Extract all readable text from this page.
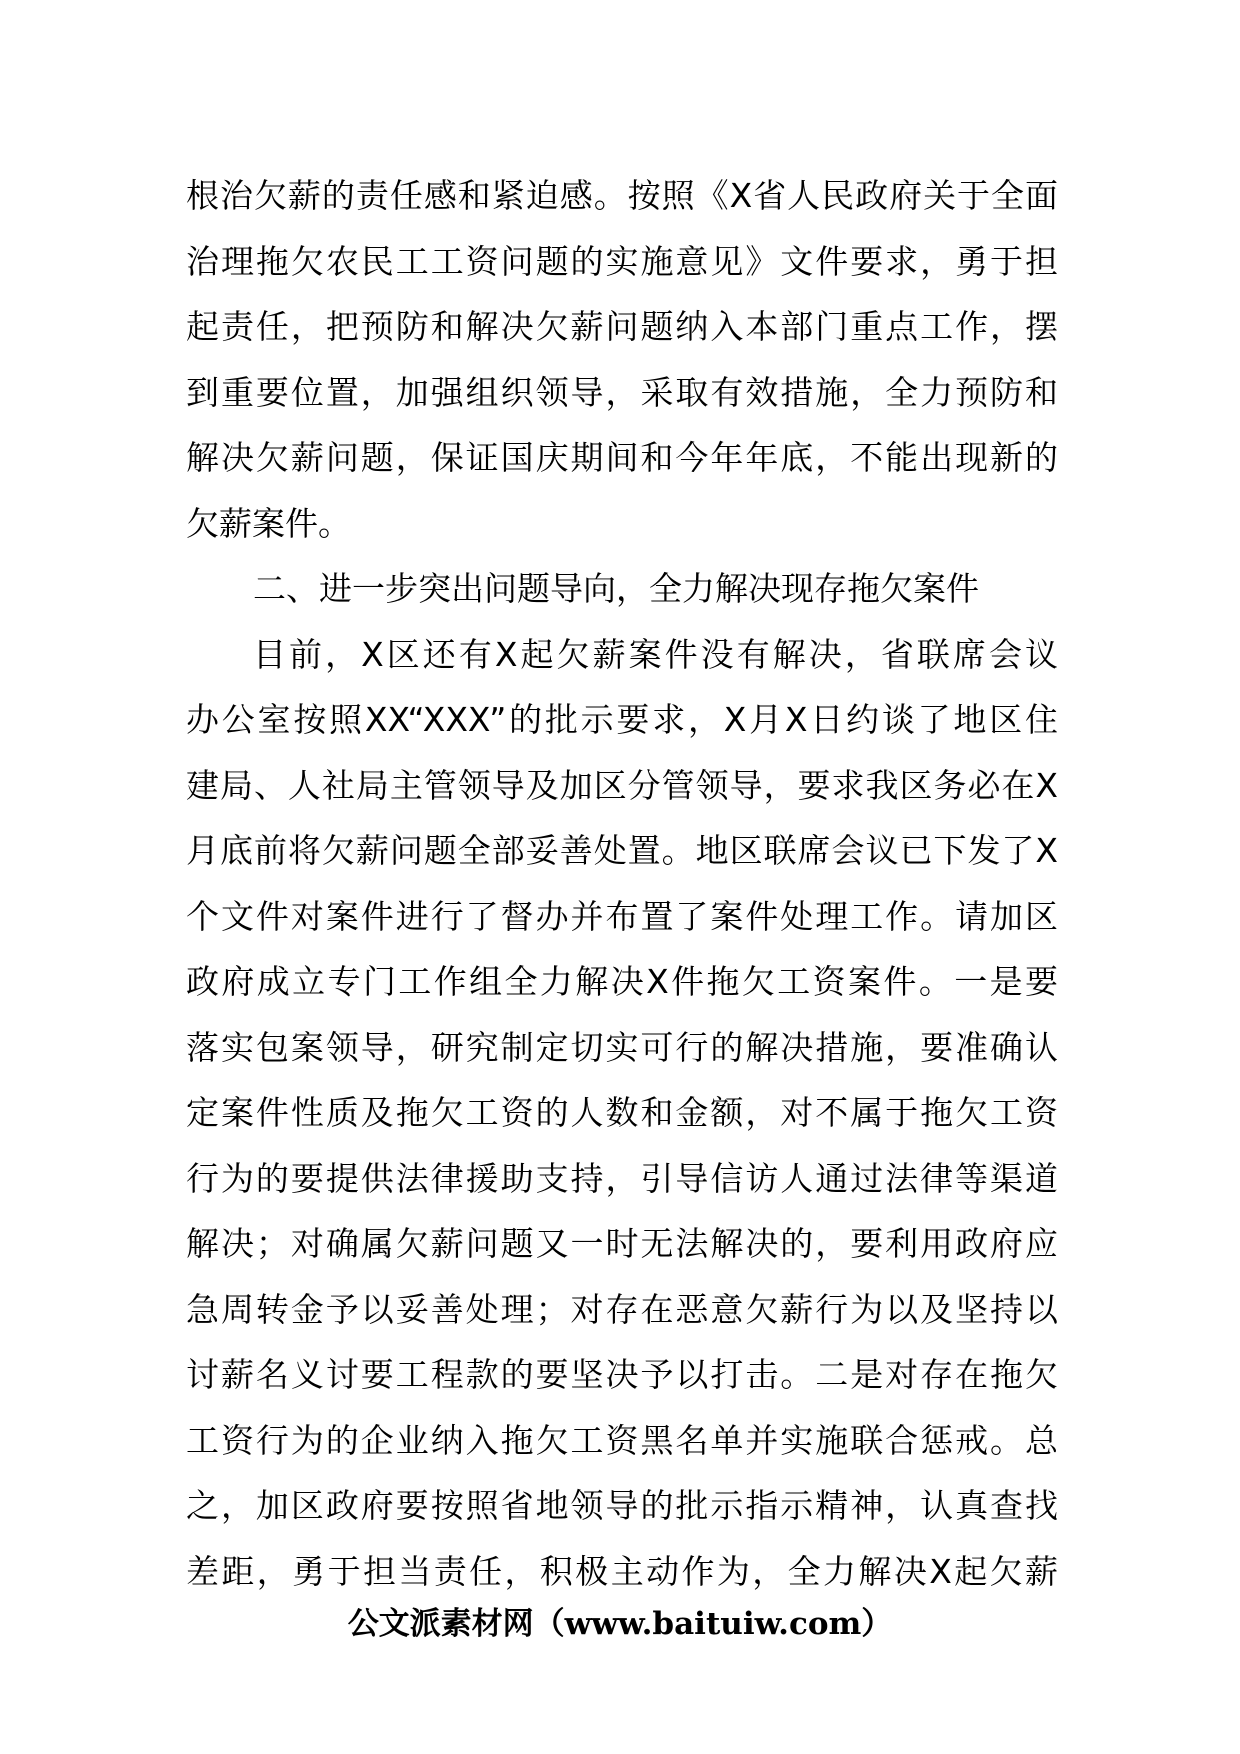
根治欠薪的责任感和紧迫感。按照《X省人民政府关于全面
治理拖欠农民工工资问题的实施意见》文件要求，勇于担
起责任，把预防和解决欠薪问题纳入本部门重点工作，摆
到重要位置，加强组织领导，采取有效措施，全力预防和
解决欠薪问题，保证国庆期间和今年年底，不能出现新的
欠薪案件。
二、进一步突出问题导向，全力解决现存拖欠案件
目前，X区还有X起欠薪案件没有解决，省联席会议
办公室按照XX“XXX”的批示要求，X月X日约谈了地区住
建局、人社局主管领导及加区分管领导，要求我区务必在X
月底前将欠薪问题全部妥善处置。地区联席会议已下发了X
个文件对案件进行了督办并布置了案件处理工作。请加区
政府成立专门工作组全力解决X件拖欠工资案件。一是要
落实包案领导，研究制定切实可行的解决措施，要准确认
定案件性质及拖欠工资的人数和金额，对不属于拖欠工资
行为的要提供法律援助支持，引导信访人通过法律等渠道
解决；对确属欠薪问题又一时无法解决的，要利用政府应
急周转金予以妥善处理；对存在恶意欠薪行为以及坚持以
讨薪名义讨要工程款的要坚决予以打击。二是对存在拖欠
工资行为的企业纳入拖欠工资黑名单并实施联合惩戒。总
之，加区政府要按照省地领导的批示指示精神，认真查找
差距，勇于担当责任，积极主动作为，全力解决X起欠薪
公文派素材网（www.baituiw.com）
